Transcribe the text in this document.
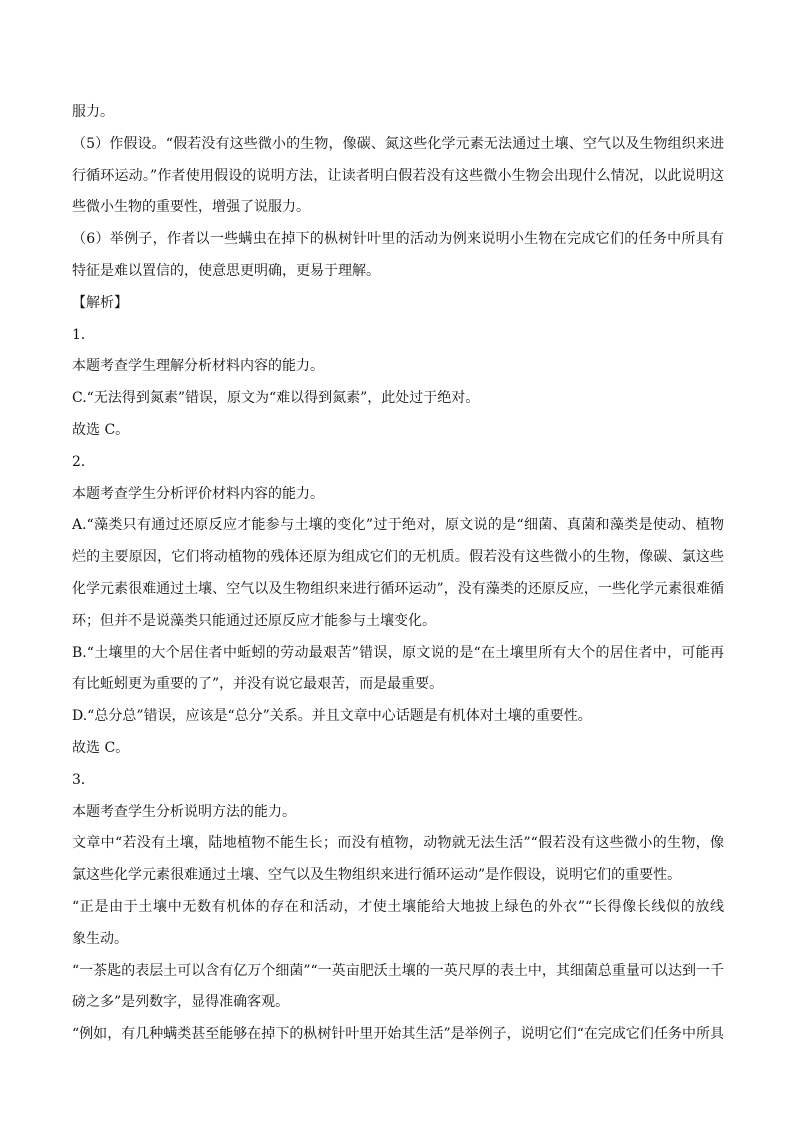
服力。
（5）作假设。“假若没有这些微小的生物，像碳、氮这些化学元素无法通过土壤、空气以及生物组织来进
行循环运动。”作者使用假设的说明方法，让读者明白假若没有这些微小生物会出现什么情况，以此说明这
些微小生物的重要性，增强了说服力。
（6）举例子，作者以一些螨虫在掉下的枞树针叶里的活动为例来说明小生物在完成它们的任务中所具有
特征是难以置信的，使意思更明确，更易于理解。
【解析】
1．
本题考查学生理解分析材料内容的能力。
C.“无法得到氮素”错误，原文为“难以得到氮素”，此处过于绝对。
故选 C。
2．
本题考查学生分析评价材料内容的能力。
A.“藻类只有通过还原反应才能参与土壤的变化”过于绝对，原文说的是“细菌、真菌和藻类是使动、植物
烂的主要原因，它们将动植物的残体还原为组成它们的无机质。假若没有这些微小的生物，像碳、氯这些
化学元素很难通过土壤、空气以及生物组织来进行循环运动”，没有藻类的还原反应，一些化学元素很难循
环；但并不是说藻类只能通过还原反应才能参与土壤变化。
B.“土壤里的大个居住者中蚯蚓的劳动最艰苦”错误，原文说的是“在土壤里所有大个的居住者中，可能再
有比蚯蚓更为重要的了”，并没有说它最艰苦，而是最重要。
D.“总分总”错误，应该是“总分”关系。并且文章中心话题是有机体对土壤的重要性。
故选 C。
3．
本题考查学生分析说明方法的能力。
文章中“若没有土壤，陆地植物不能生长；而没有植物，动物就无法生活”“假若没有这些微小的生物，像
氯这些化学元素很难通过土壤、空气以及生物组织来进行循环运动”是作假设，说明它们的重要性。
“正是由于土壤中无数有机体的存在和活动，才使土壤能给大地披上绿色的外衣”“长得像长线似的放线
象生动。
“一茶匙的表层土可以含有亿万个细菌”“一英亩肥沃土壤的一英尺厚的表土中，其细菌总重量可以达到一千
磅之多”是列数字，显得准确客观。
“例如，有几种螨类甚至能够在掉下的枞树针叶里开始其生活”是举例子，说明它们“在完成它们任务中所具
